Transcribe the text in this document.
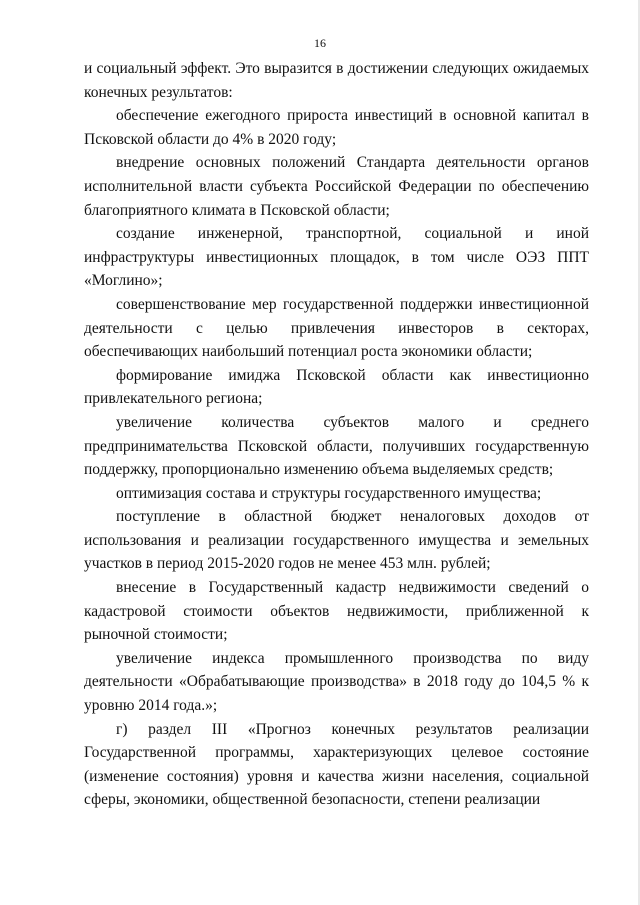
16

и социальный эффект. Это выразится в достижении следующих ожидаемых конечных результатов:

обеспечение ежегодного прироста инвестиций в основной капитал в Псковской области до 4% в 2020 году;

внедрение основных положений Стандарта деятельности органов исполнительной власти субъекта Российской Федерации по обеспечению благоприятного климата в Псковской области;

создание инженерной, транспортной, социальной и иной инфраструктуры инвестиционных площадок, в том числе ОЭЗ ППТ «Моглино»;

совершенствование мер государственной поддержки инвестиционной деятельности с целью привлечения инвесторов в секторах, обеспечивающих наибольший потенциал роста экономики области;

формирование имиджа Псковской области как инвестиционно привлекательного региона;

увеличение количества субъектов малого и среднего предпринимательства Псковской области, получивших государственную поддержку, пропорционально изменению объема выделяемых средств;

оптимизация состава и структуры государственного имущества;

поступление в областной бюджет неналоговых доходов от использования и реализации государственного имущества и земельных участков в период 2015-2020 годов не менее 453 млн. рублей;

внесение в Государственный кадастр недвижимости сведений о кадастровой стоимости объектов недвижимости, приближенной к рыночной стоимости;

увеличение индекса промышленного производства по виду деятельности «Обрабатывающие производства» в 2018 году до 104,5 % к уровню 2014 года.»;

г) раздел III «Прогноз конечных результатов реализации Государственной программы, характеризующих целевое состояние (изменение состояния) уровня и качества жизни населения, социальной сферы, экономики, общественной безопасности, степени реализации
